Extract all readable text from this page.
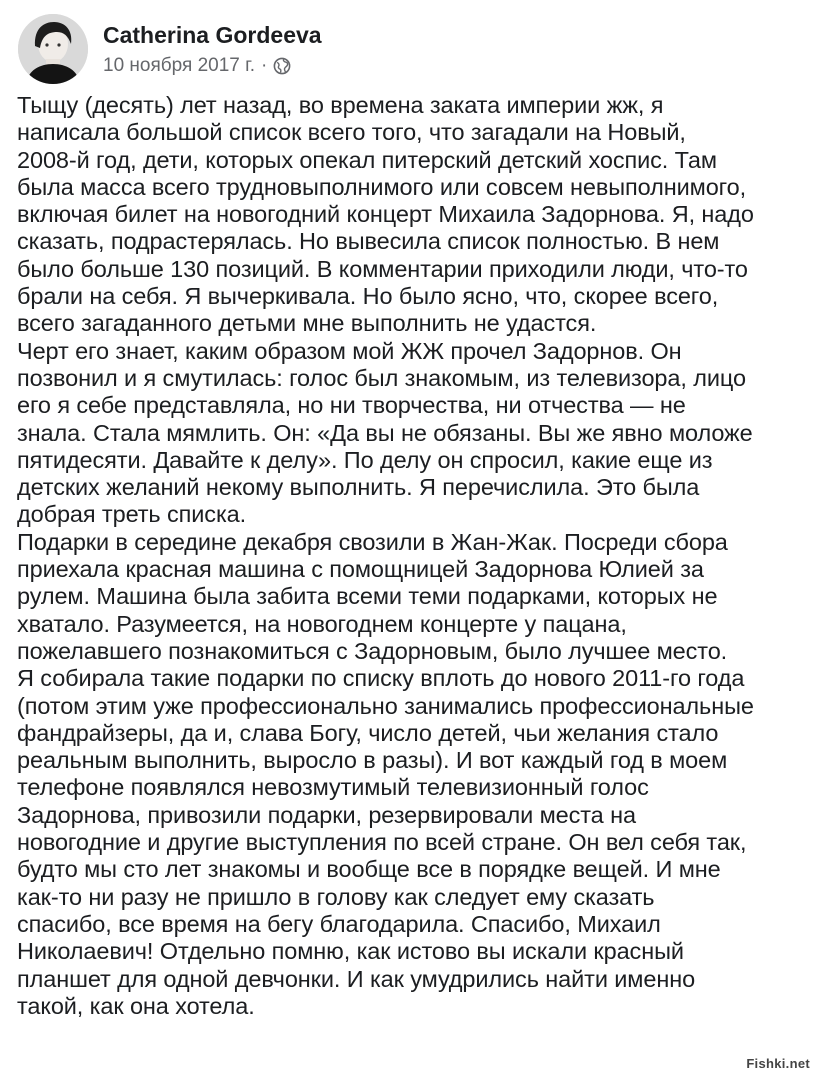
Catherina Gordeeva
10 ноября 2017 г. ·

Тыщу (десять) лет назад, во времена заката империи жж, я
написала большой список всего того, что загадали на Новый,
2008-й год, дети, которых опекал питерский детский хоспис. Там
была масса всего трудновыполнимого или совсем невыполнимого,
включая билет на новогодний концерт Михаила Задорнова. Я, надо
сказать, подрастерялась. Но вывесила список полностью. В нем
было больше 130 позиций. В комментарии приходили люди, что-то
брали на себя. Я вычеркивала. Но было ясно, что, скорее всего,
всего загаданного детьми мне выполнить не удастся.

Черт его знает, каким образом мой ЖЖ прочел Задорнов. Он
позвонил и я смутилась: голос был знакомым, из телевизора, лицо
его я себе представляла, но ни творчества, ни отчества — не
знала. Стала мямлить. Он: «Да вы не обязаны. Вы же явно моложе
пятидесяти. Давайте к делу». По делу он спросил, какие еще из
детских желаний некому выполнить. Я перечислила. Это была
добрая треть списка.

Подарки в середине декабря свозили в Жан-Жак. Посреди сбора
приехала красная машина с помощницей Задорнова Юлией за
рулем. Машина была забита всеми теми подарками, которых не
хватало. Разумеется, на новогоднем концерте у пацана,
пожелавшего познакомиться с Задорновым, было лучшее место.

Я собирала такие подарки по списку вплоть до нового 2011-го года
(потом этим уже профессионально занимались профессиональные
фандрайзеры, да и, слава Богу, число детей, чьи желания стало
реальным выполнить, выросло в разы). И вот каждый год в моем
телефоне появлялся невозмутимый телевизионный голос
Задорнова, привозили подарки, резервировали места на
новогодние и другие выступления по всей стране. Он вел себя так,
будто мы сто лет знакомы и вообще все в порядке вещей. И мне
как-то ни разу не пришло в голову как следует ему сказать
спасибо, все время на бегу благодарила. Спасибо, Михаил
Николаевич! Отдельно помню, как истово вы искали красный
планшет для одной девчонки. И как умудрились найти именно
такой, как она хотела.

Fishki.net
